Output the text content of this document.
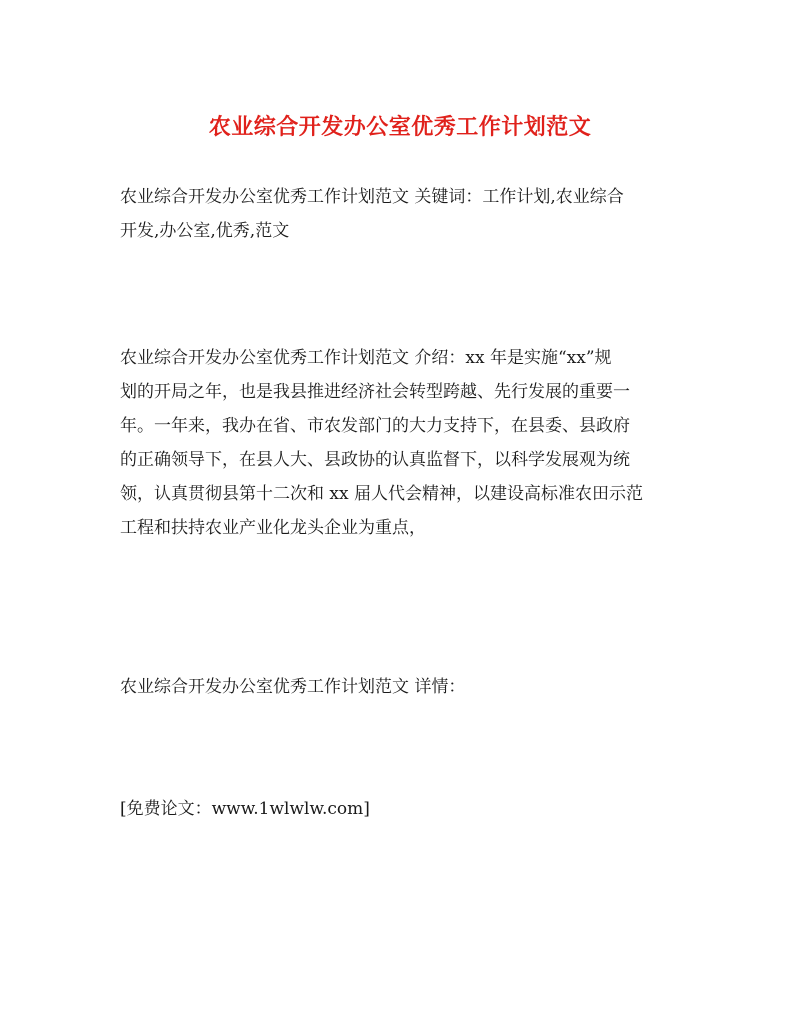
农业综合开发办公室优秀工作计划范文
农业综合开发办公室优秀工作计划范文 关键词：工作计划,农业综合
开发,办公室,优秀,范文
农业综合开发办公室优秀工作计划范文 介绍：xx 年是实施“xx”规
划的开局之年，也是我县推进经济社会转型跨越、先行发展的重要一
年。一年来，我办在省、市农发部门的大力支持下，在县委、县政府
的正确领导下，在县人大、县政协的认真监督下，以科学发展观为统
领，认真贯彻县第十二次和 xx 届人代会精神，以建设高标准农田示范
工程和扶持农业产业化龙头企业为重点，
农业综合开发办公室优秀工作计划范文 详情：
[免费论文：www.1wlwlw.com]
